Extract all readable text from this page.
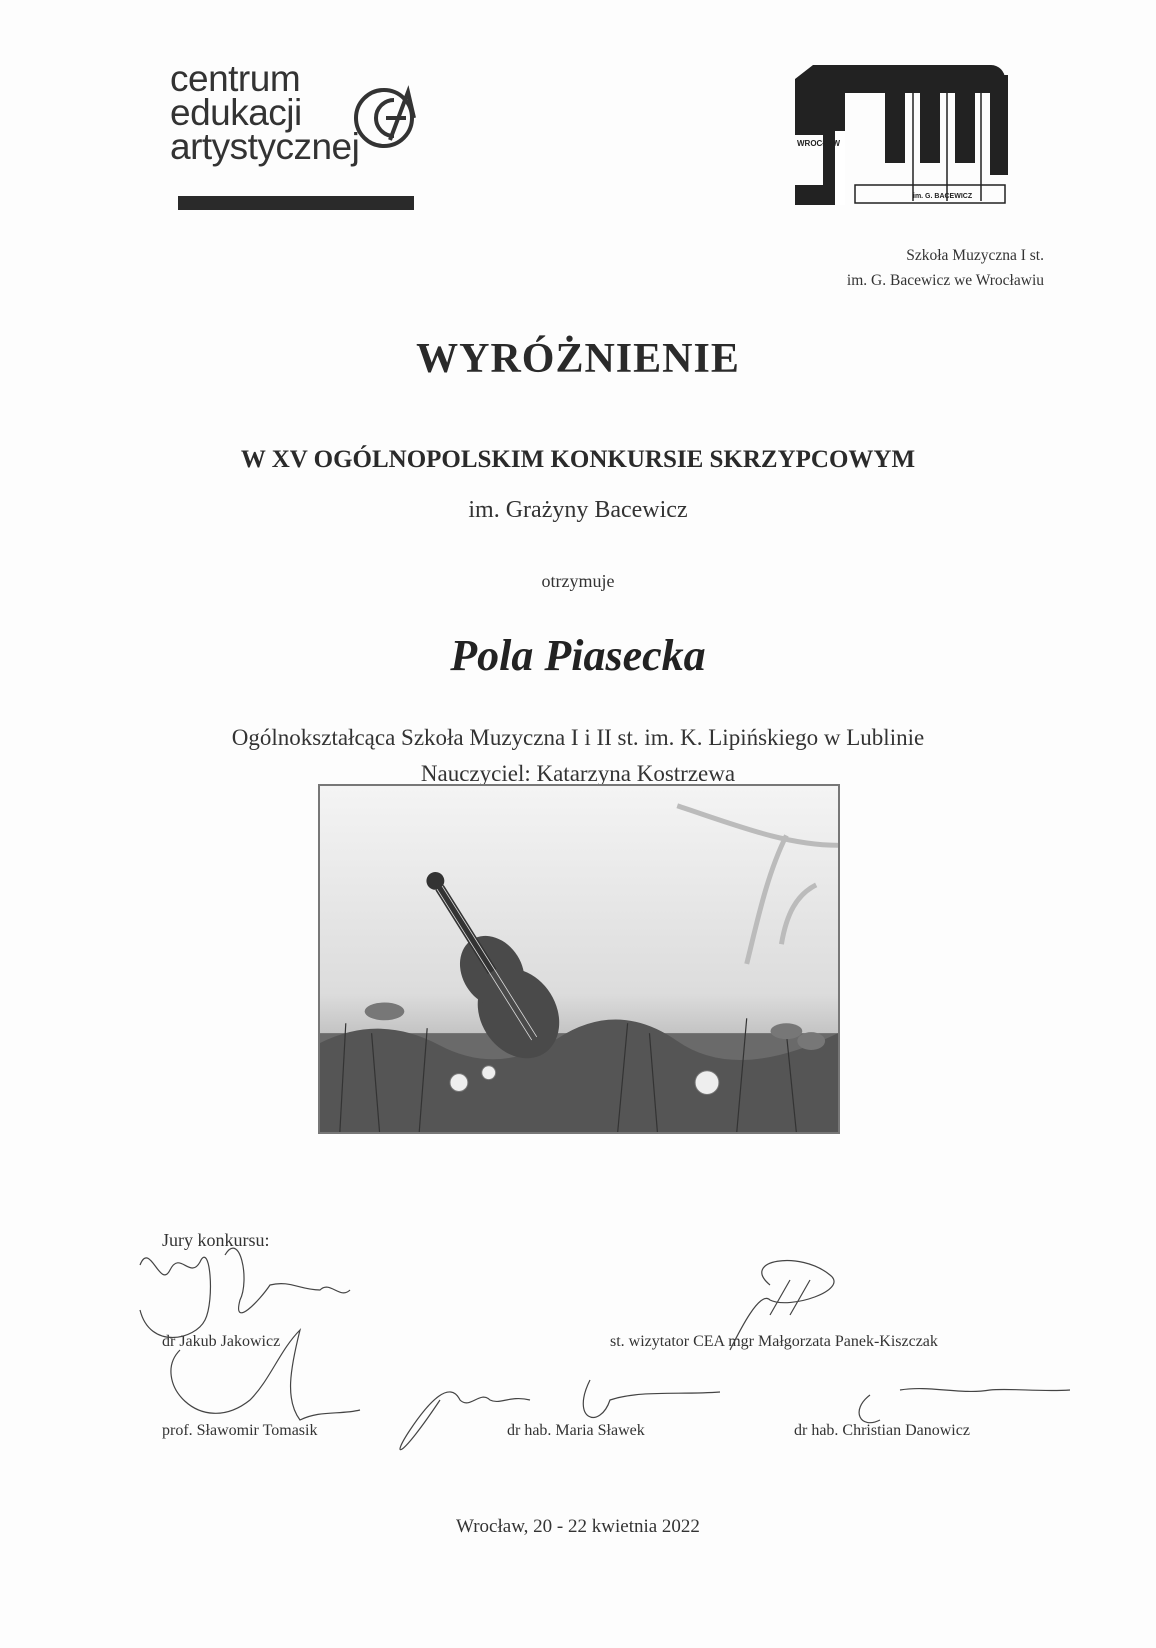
centrum
edukacji
artystycznej	WROCŁAW
im. G. BACEWICZ
Szkoła Muzyczna I st.
im. G. Bacewicz we Wrocławiu
WYRÓŻNIENIE
W XV OGÓLNOPOLSKIM KONKURSIE SKRZYPCOWYM
im. Grażyny Bacewicz
otrzymuje
Pola Piasecka
Ogólnokształcąca Szkoła Muzyczna I i II st. im. K. Lipińskiego w Lublinie
Nauczyciel: Katarzyna Kostrzewa
Jury konkursu:
dr Jakub Jakowicz	st. wizytator CEA mgr Małgorzata Panek-Kiszczak
prof. Sławomir Tomasik	dr hab. Maria Sławek	dr hab. Christian Danowicz
Wrocław, 20 - 22 kwietnia 2022
